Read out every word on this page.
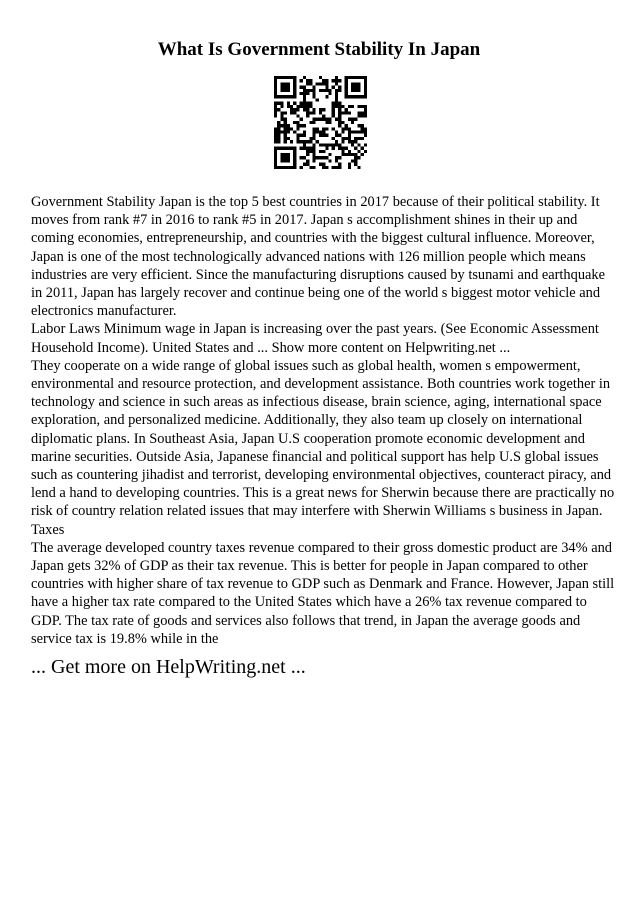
What Is Government Stability In Japan

Government Stability Japan is the top 5 best countries in 2017 because of their political stability. It moves from rank #7 in 2016 to rank #5 in 2017. Japan s accomplishment shines in their up and coming economies, entrepreneurship, and countries with the biggest cultural influence. Moreover, Japan is one of the most technologically advanced nations with 126 million people which means industries are very efficient. Since the manufacturing disruptions caused by tsunami and earthquake in 2011, Japan has largely recover and continue being one of the world s biggest motor vehicle and electronics manufacturer.

Labor Laws Minimum wage in Japan is increasing over the past years. (See Economic Assessment Household Income). United States and ... Show more content on Helpwriting.net ...

They cooperate on a wide range of global issues such as global health, women s empowerment, environmental and resource protection, and development assistance. Both countries work together in technology and science in such areas as infectious disease, brain science, aging, international space exploration, and personalized medicine. Additionally, they also team up closely on international diplomatic plans. In Southeast Asia, Japan U.S cooperation promote economic development and marine securities. Outside Asia, Japanese financial and political support has help U.S global issues such as countering jihadist and terrorist, developing environmental objectives, counteract piracy, and lend a hand to developing countries. This is a great news for Sherwin because there are practically no risk of country relation related issues that may interfere with Sherwin Williams s business in Japan.

Taxes

The average developed country taxes revenue compared to their gross domestic product are 34% and Japan gets 32% of GDP as their tax revenue. This is better for people in Japan compared to other countries with higher share of tax revenue to GDP such as Denmark and France. However, Japan still have a higher tax rate compared to the United States which have a 26% tax revenue compared to GDP. The tax rate of goods and services also follows that trend, in Japan the average goods and service tax is 19.8% while in the

... Get more on HelpWriting.net ...
